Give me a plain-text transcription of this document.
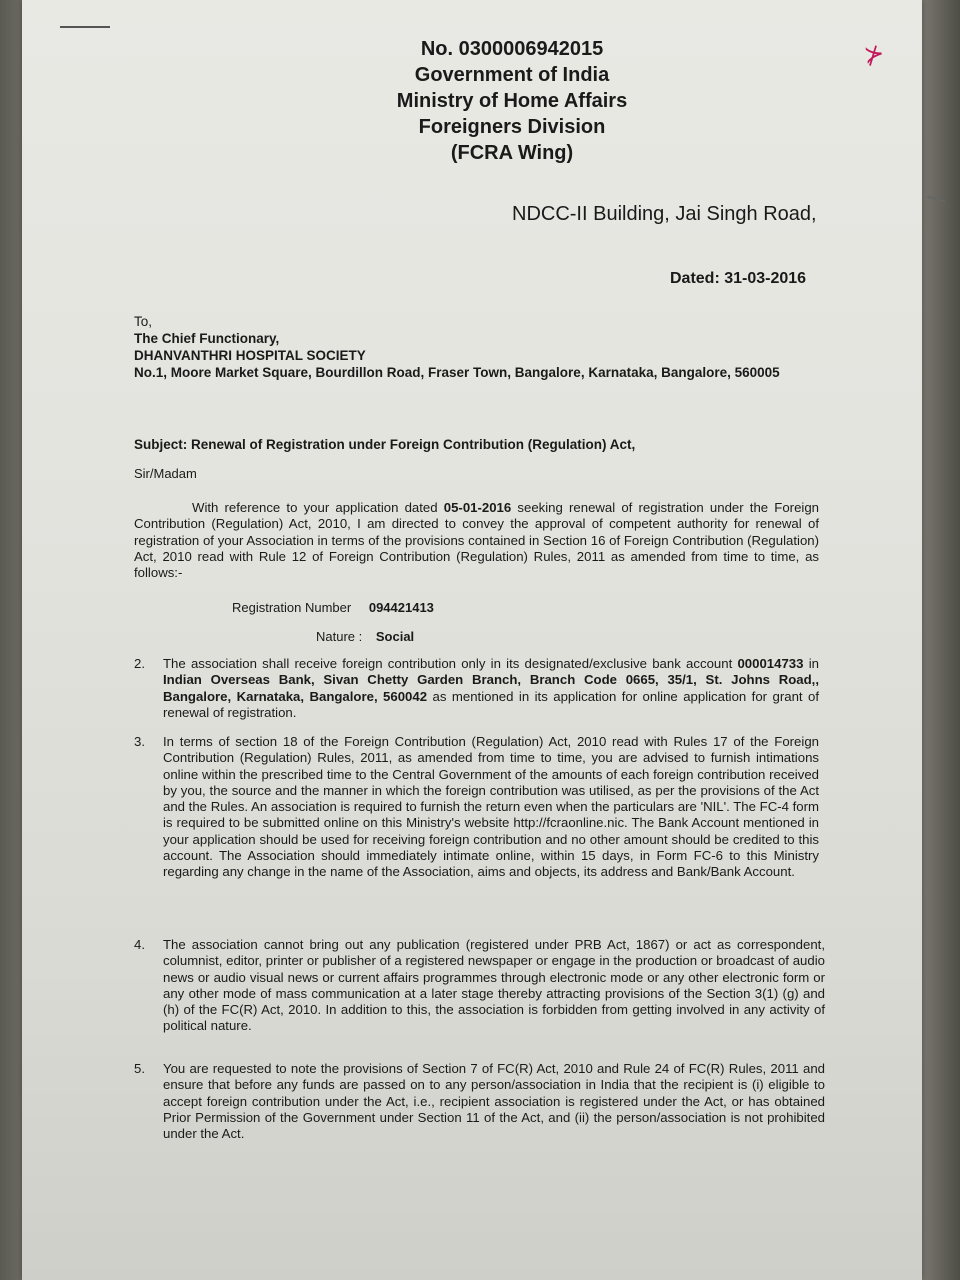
⊁
No. 0300006942015
Government of India
Ministry of Home Affairs
Foreigners Division
(FCRA Wing)
NDCC-II Building, Jai Singh Road,
Dated: 31-03-2016
To,
The Chief Functionary,
DHANVANTHRI HOSPITAL SOCIETY
No.1, Moore Market Square, Bourdillon Road, Fraser Town, Bangalore, Karnataka, Bangalore, 560005
Subject: Renewal of Registration under Foreign Contribution (Regulation) Act,
Sir/Madam
With reference to your application dated 05-01-2016 seeking renewal of registration under the Foreign Contribution (Regulation) Act, 2010, I am directed to convey the approval of competent authority for renewal of registration of your Association in terms of the provisions contained in Section 16 of Foreign Contribution (Regulation) Act, 2010 read with Rule 12 of Foreign Contribution (Regulation) Rules, 2011 as amended from time to time, as follows:-
Registration Number 094421413
Nature : Social
2. The association shall receive foreign contribution only in its designated/exclusive bank account 000014733 in Indian Overseas Bank, Sivan Chetty Garden Branch, Branch Code 0665, 35/1, St. Johns Road,, Bangalore, Karnataka, Bangalore, 560042 as mentioned in its application for online application for grant of renewal of registration.
3. In terms of section 18 of the Foreign Contribution (Regulation) Act, 2010 read with Rules 17 of the Foreign Contribution (Regulation) Rules, 2011, as amended from time to time, you are advised to furnish intimations online within the prescribed time to the Central Government of the amounts of each foreign contribution received by you, the source and the manner in which the foreign contribution was utilised, as per the provisions of the Act and the Rules. An association is required to furnish the return even when the particulars are 'NIL'. The FC-4 form is required to be submitted online on this Ministry's website http://fcraonline.nic. The Bank Account mentioned in your application should be used for receiving foreign contribution and no other amount should be credited to this account. The Association should immediately intimate online, within 15 days, in Form FC-6 to this Ministry regarding any change in the name of the Association, aims and objects, its address and Bank/Bank Account.
4. The association cannot bring out any publication (registered under PRB Act, 1867) or act as correspondent, columnist, editor, printer or publisher of a registered newspaper or engage in the production or broadcast of audio news or audio visual news or current affairs programmes through electronic mode or any other electronic form or any other mode of mass communication at a later stage thereby attracting provisions of the Section 3(1) (g) and (h) of the FC(R) Act, 2010. In addition to this, the association is forbidden from getting involved in any activity of political nature.
5. You are requested to note the provisions of Section 7 of FC(R) Act, 2010 and Rule 24 of FC(R) Rules, 2011 and ensure that before any funds are passed on to any person/association in India that the recipient is (i) eligible to accept foreign contribution under the Act, i.e., recipient association is registered under the Act, or has obtained Prior Permission of the Government under Section 11 of the Act, and (ii) the person/association is not prohibited under the Act.
